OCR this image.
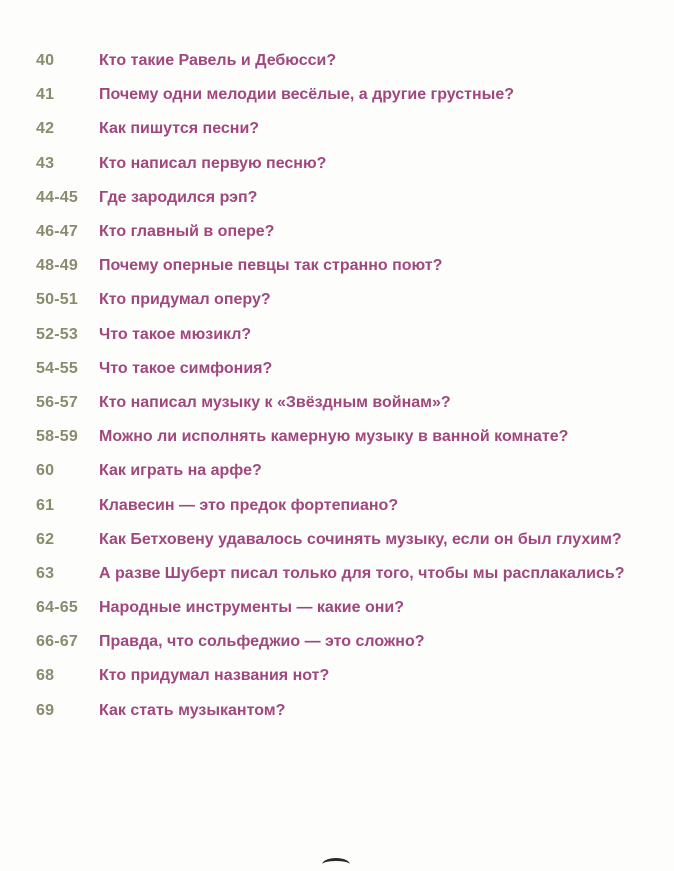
40	Кто такие Равель и Дебюсси?
41	Почему одни мелодии весёлые, а другие грустные?
42	Как пишутся песни?
43	Кто написал первую песню?
44-45	Где зародился рэп?
46-47	Кто главный в опере?
48-49	Почему оперные певцы так странно поют?
50-51	Кто придумал оперу?
52-53	Что такое мюзикл?
54-55	Что такое симфония?
56-57	Кто написал музыку к «Звёздным войнам»?
58-59	Можно ли исполнять камерную музыку в ванной комнате?
60	Как играть на арфе?
61	Клавесин — это предок фортепиано?
62	Как Бетховену удавалось сочинять музыку, если он был глухим?
63	А разве Шуберт писал только для того, чтобы мы расплакались?
64-65	Народные инструменты — какие они?
66-67	Правда, что сольфеджио — это сложно?
68	Кто придумал названия нот?
69	Как стать музыкантом?
